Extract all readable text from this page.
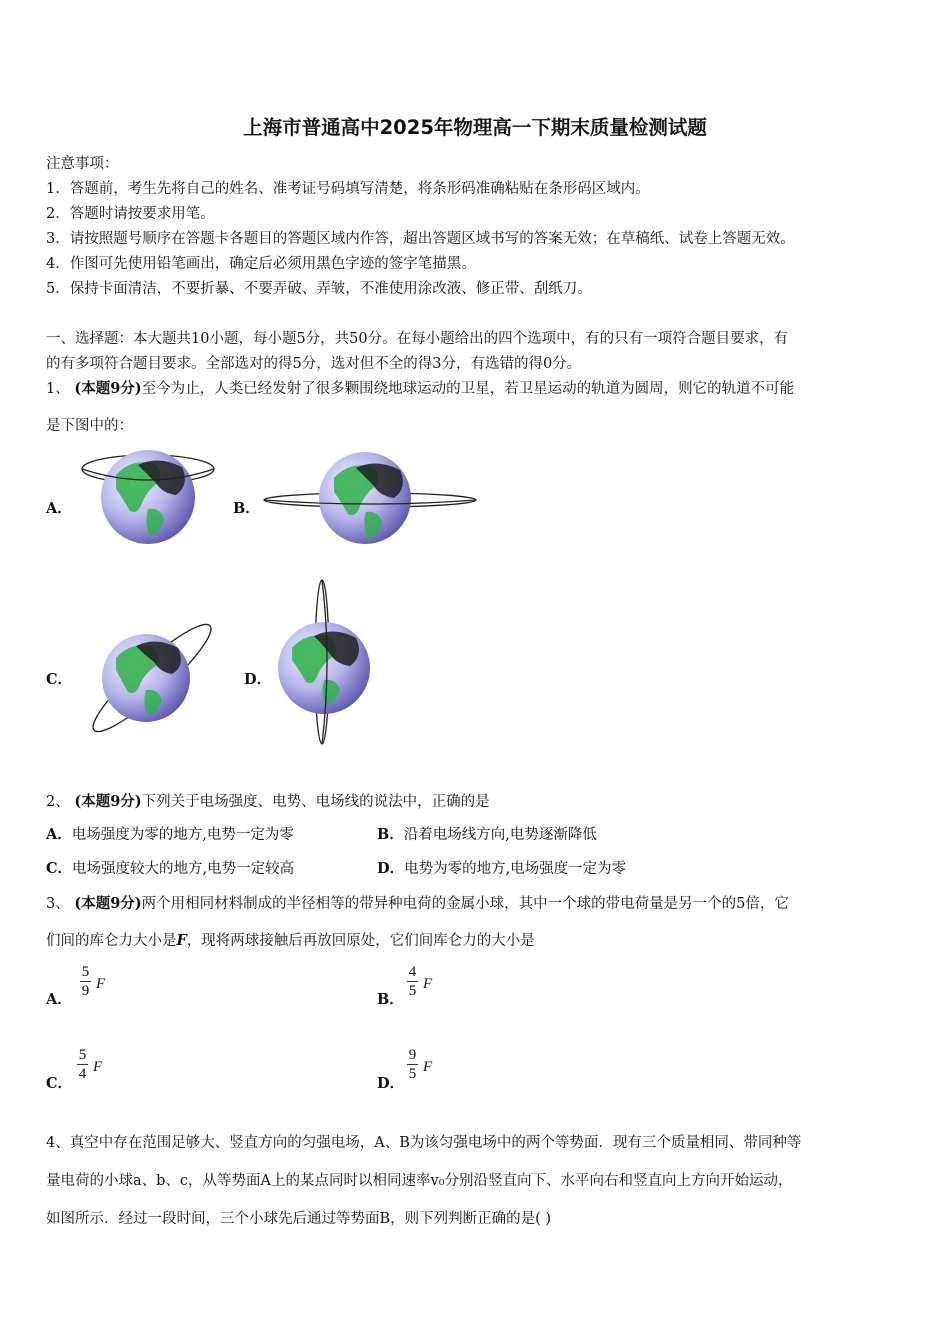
上海市普通高中2025年物理高一下期末质量检测试题
注意事项：
1．答题前，考生先将自己的姓名、准考证号码填写清楚，将条形码准确粘贴在条形码区域内。
2．答题时请按要求用笔。
3．请按照题号顺序在答题卡各题目的答题区域内作答，超出答题区域书写的答案无效；在草稿纸、试卷上答题无效。
4．作图可先使用铅笔画出，确定后必须用黑色字迹的签字笔描黑。
5．保持卡面清洁，不要折暴、不要弄破、弄皱，不准使用涂改液、修正带、刮纸刀。
一、选择题：本大题共10小题，每小题5分，共50分。在每小题给出的四个选项中，有的只有一项符合题目要求，有
的有多项符合题目要求。全部选对的得5分，选对但不全的得3分，有选错的得0分。
1、 (本题9分)至今为止，人类已经发射了很多颗围绕地球运动的卫星，若卫星运动的轨道为圆周，则它的轨道不可能
是下图中的：
A．	B．
C．	D．
2、 (本题9分)下列关于电场强度、电势、电场线的说法中，正确的是
A．电场强度为零的地方,电势一定为零	B．沿着电场线方向,电势逐渐降低
C．电场强度较大的地方,电势一定较高	D．电势为零的地方,电场强度一定为零
3、 (本题9分)两个用相同材料制成的半径相等的带异种电荷的金属小球，其中一个球的带电荷量是另一个的5倍，它
们间的库仑力大小是F，现将两球接触后再放回原处，它们间库仑力的大小是
A．
5
9 F
B．
4
5 F
C．
5
4 F
D．
9
5 F
4、真空中存在范围足够大、竖直方向的匀强电场，A、B为该匀强电场中的两个等势面．现有三个质量相同、带同种等
量电荷的小球a、b、c，从等势面A上的某点同时以相同速率v₀分别沿竖直向下、水平向右和竖直向上方向开始运动，
如图所示．经过一段时间，三个小球先后通过等势面B，则下列判断正确的是( )
